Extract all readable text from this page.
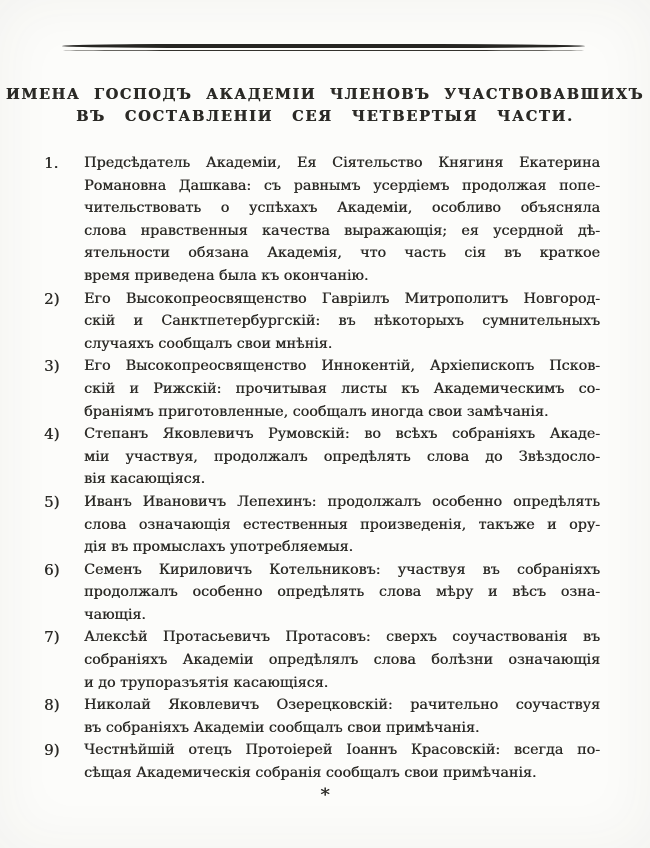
ИМЕНА ГОСПОДЪ АКАДЕМІИ ЧЛЕНОВЪ УЧАСТВОВАВШИХЪ
ВЪ СОСТАВЛЕНІИ СЕЯ ЧЕТВЕРТЫЯ ЧАСТИ.
1.	Предсѣдатель Академіи, Ея Сіятельство Княгиня Екатерина
Романовна Дашкава: съ равнымъ усердіемъ продолжая попе-
чительствовать о успѣхахъ Академіи, особливо объясняла
слова нравственныя качества выражающія; ея усердной дѣ-
ятельности обязана Академія, что часть сія въ краткое
время приведена была къ окончанію.
2)	Его Высокопреосвященство Гавріилъ Митрополитъ Новгород-
скій и Санктпетербургскій: въ нѣкоторыхъ сумнительныхъ
случаяхъ сообщалъ свои мнѣнія.
3)	Его Высокопреосвященство Иннокентій, Архіепископъ Псков-
скій и Рижскій: прочитывая листы къ Академическимъ со-
браніямъ приготовленные, сообщалъ иногда свои замѣчанія.
4)	Степанъ Яковлевичъ Румовскій: во всѣхъ собраніяхъ Акаде-
міи участвуя, продолжалъ опредѣлять слова до Звѣздосло-
вія касающіяся.
5)	Иванъ Ивановичъ Лепехинъ: продолжалъ особенно опредѣлять
слова означающія естественныя произведенія, такъже и ору-
дія въ промыслахъ употребляемыя.
6)	Семенъ Кириловичъ Котельниковъ: участвуя въ собраніяхъ
продолжалъ особенно опредѣлять слова мѣру и вѣсъ озна-
чающія.
7)	Алексѣй Протасьевичъ Протасовъ: сверхъ соучаствованія въ
собраніяхъ Академіи опредѣлялъ слова болѣзни означающія
и до трупоразъятія касающіяся.
8)	Николай Яковлевичъ Озерецковскій: рачительно соучаствуя
въ собраніяхъ Академіи сообщалъ свои примѣчанія.
9)	Честнѣйшій отецъ Протоіерей Іоаннъ Красовскій: всегда по-
сѣщая Академическія собранія сообщалъ свои примѣчанія.
*
